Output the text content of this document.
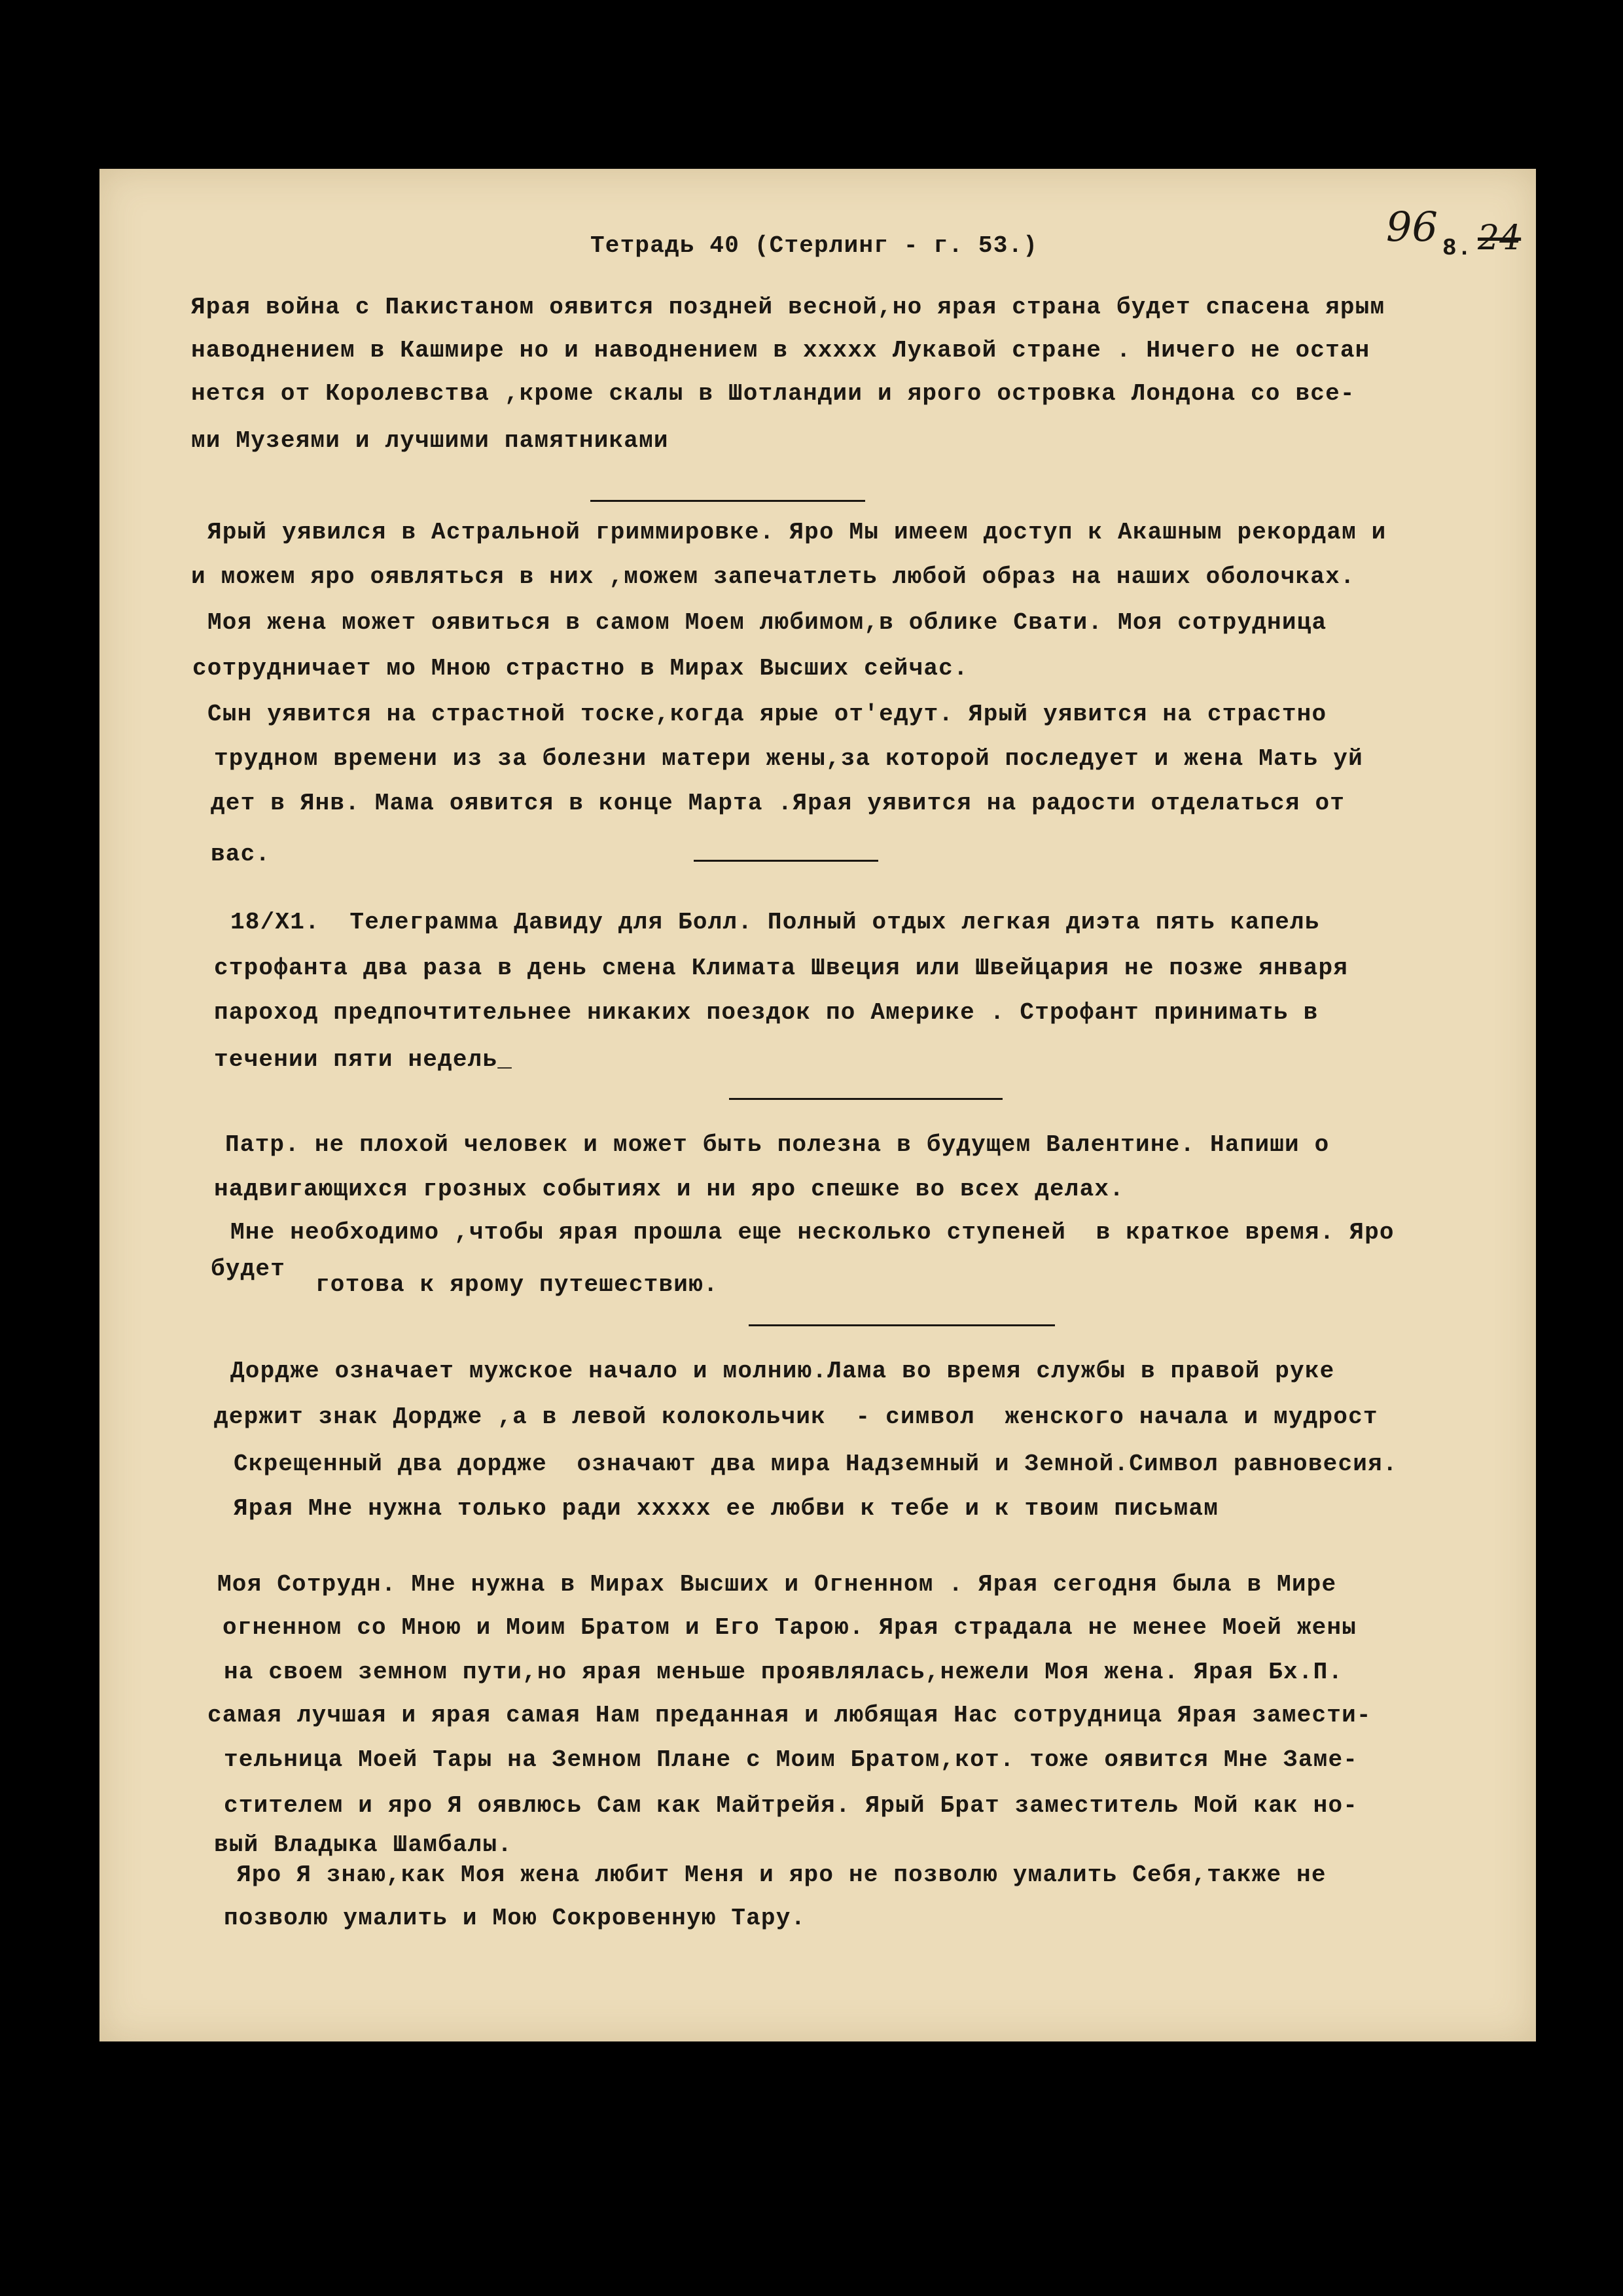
Тетрадь 40 (Стерлинг - г. 53.)	96 8. 24
Ярая война с Пакистаном оявится поздней весной,но ярая страна будет спасена ярым
наводнением в Кашмире но и наводнением в ххххх Лукавой стране . Ничего не остан
нется от Королевства ,кроме скалы в Шотландии и ярого островка Лондона со все-
ми Музеями и лучшими памятниками
Ярый уявился в Астральной гриммировке. Яро Мы имеем доступ к Акашным рекордам и
и можем яро оявляться в них ,можем запечатлеть любой образ на наших оболочках.
Моя жена может оявиться в самом Моем любимом,в облике Свати. Моя сотрудница
сотрудничает мо Мною страстно в Мирах Высших сейчас.
Сын уявится на страстной тоске,когда ярые от'едут. Ярый уявится на страстно
трудном времени из за болезни матери жены,за которой последует и жена Мать уй
дет в Янв. Мама оявится в конце Марта .Ярая уявится на радости отделаться от
вас.
18/Х1.  Телеграмма Давиду для Болл. Полный отдых легкая диэта пять капель
строфанта два раза в день смена Климата Швеция или Швейцария не позже января
пароход предпочтительнее никаких поездок по Америке . Строфант принимать в
течении пяти недель_
Патр. не плохой человек и может быть полезна в будущем Валентине. Напиши о
надвигающихся грозных событиях и ни яро спешке во всех делах.
Мне необходимо ,чтобы ярая прошла еще несколько ступеней  в краткое время. Яро
будет
готова к ярому путешествию.
Дордже означает мужское начало и молнию.Лама во время службы в правой руке
держит знак Дордже ,а в левой колокольчик  - символ  женского начала и мудрост
Скрещенный два дордже  означают два мира Надземный и Земной.Символ равновесия.
Ярая Мне нужна только ради ххххх ее любви к тебе и к твоим письмам
Моя Сотрудн. Мне нужна в Мирах Высших и Огненном . Ярая сегодня была в Мире
огненном со Мною и Моим Братом и Его Тарою. Ярая страдала не менее Моей жены
на своем земном пути,но ярая меньше проявлялась,нежели Моя жена. Ярая Бх.П.
самая лучшая и ярая самая Нам преданная и любящая Нас сотрудница Ярая замести-
тельница Моей Тары на Земном Плане с Моим Братом,кот. тоже оявится Мне Заме-
стителем и яро Я оявлюсь Сам как Майтрейя. Ярый Брат заместитель Мой как но-
вый Владыка Шамбалы.
Яро Я знаю,как Моя жена любит Меня и яро не позволю умалить Себя,также не
позволю умалить и Мою Сокровенную Тару.
